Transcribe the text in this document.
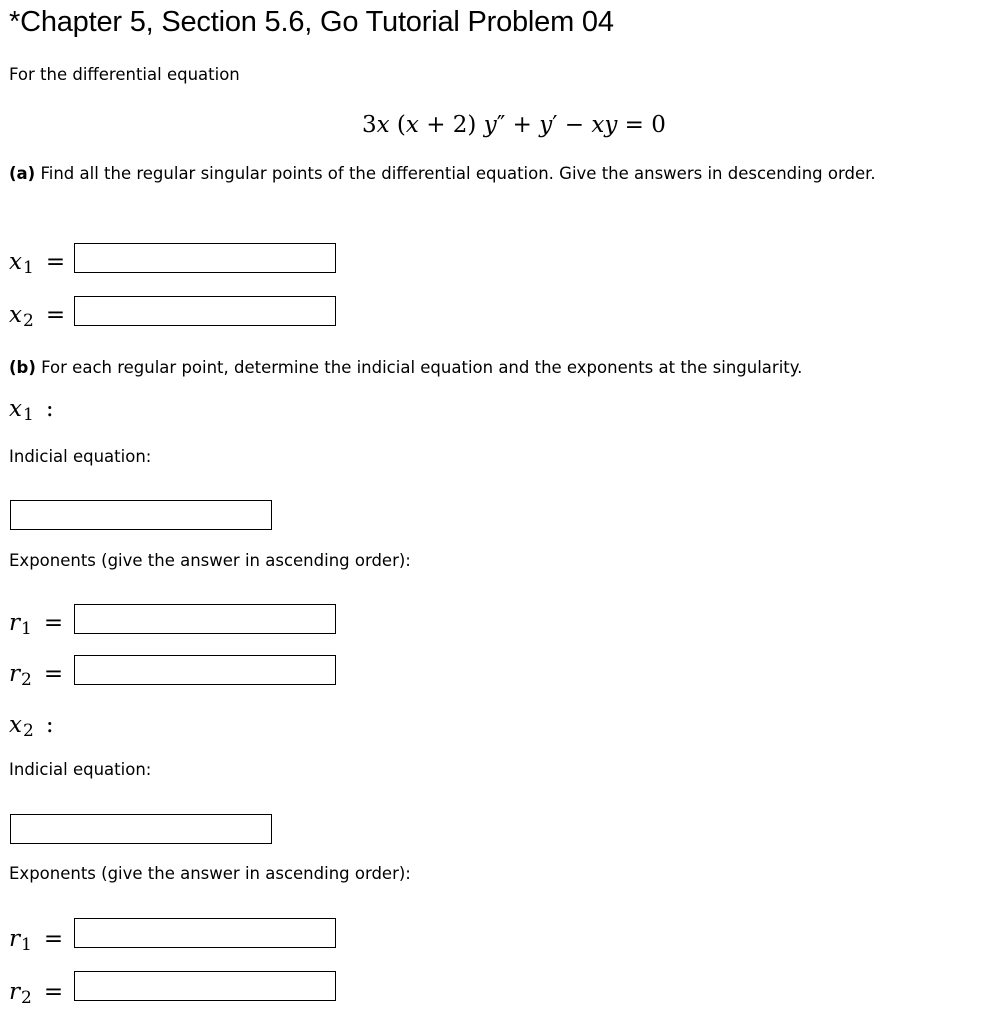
*Chapter 5, Section 5.6, Go Tutorial Problem 04
For the differential equation
3x (x + 2) y″ + y′ − xy = 0
(a) Find all the regular singular points of the differential equation. Give the answers in descending order.
x1 =
x2 =
(b) For each regular point, determine the indicial equation and the exponents at the singularity.
x1 :
Indicial equation:
Exponents (give the answer in ascending order):
r1 =
r2 =
x2 :
Indicial equation:
Exponents (give the answer in ascending order):
r1 =
r2 =
